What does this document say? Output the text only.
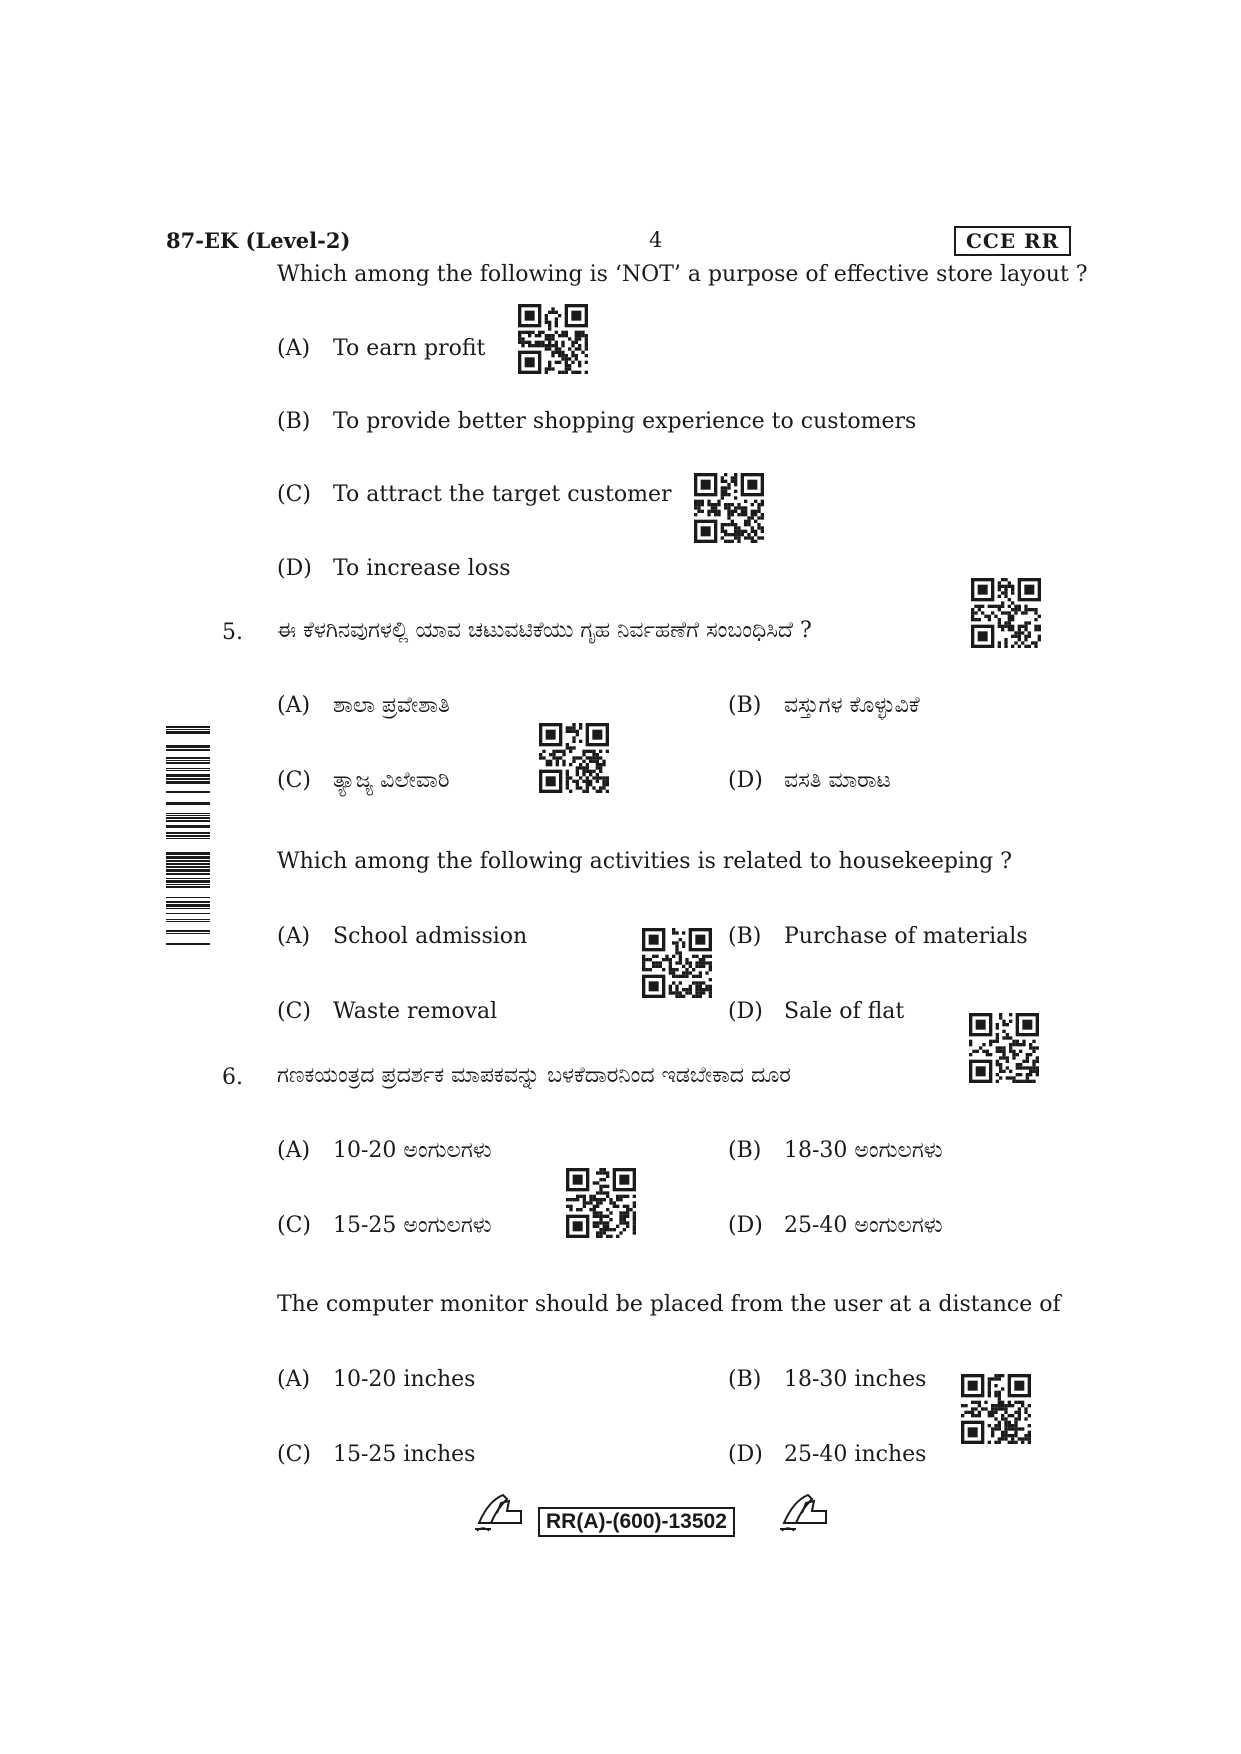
87-EK (Level-2)	4	CCE RR
Which among the following is ‘NOT’ a purpose of effective store layout ?
(A) To earn profit
(B) To provide better shopping experience to customers
(C) To attract the target customer
(D) To increase loss
5. ಈ ಕೆಳಗಿನವುಗಳಲ್ಲಿ ಯಾವ ಚಟುವಟಿಕೆಯು ಗೃಹ ನಿರ್ವಹಣೆಗೆ ಸಂಬಂಧಿಸಿದೆ ?
(A) ಶಾಲಾ ಪ್ರವೇಶಾತಿ	(B) ವಸ್ತುಗಳ ಕೊಳ್ಳುವಿಕೆ
(C) ತ್ಯಾಜ್ಯ ವಿಲೇವಾರಿ	(D) ವಸತಿ ಮಾರಾಟ
Which among the following activities is related to housekeeping ?
(A) School admission	(B) Purchase of materials
(C) Waste removal	(D) Sale of flat
6. ಗಣಕಯಂತ್ರದ ಪ್ರದರ್ಶಕ ಮಾಪಕವನ್ನು ಬಳಕೆದಾರನಿಂದ ಇಡಬೇಕಾದ ದೂರ
(A) 10-20 ಅಂಗುಲಗಳು	(B) 18-30 ಅಂಗುಲಗಳು
(C) 15-25 ಅಂಗುಲಗಳು	(D) 25-40 ಅಂಗುಲಗಳು
The computer monitor should be placed from the user at a distance of
(A) 10-20 inches	(B) 18-30 inches
(C) 15-25 inches	(D) 25-40 inches
RR(A)-(600)-13502
